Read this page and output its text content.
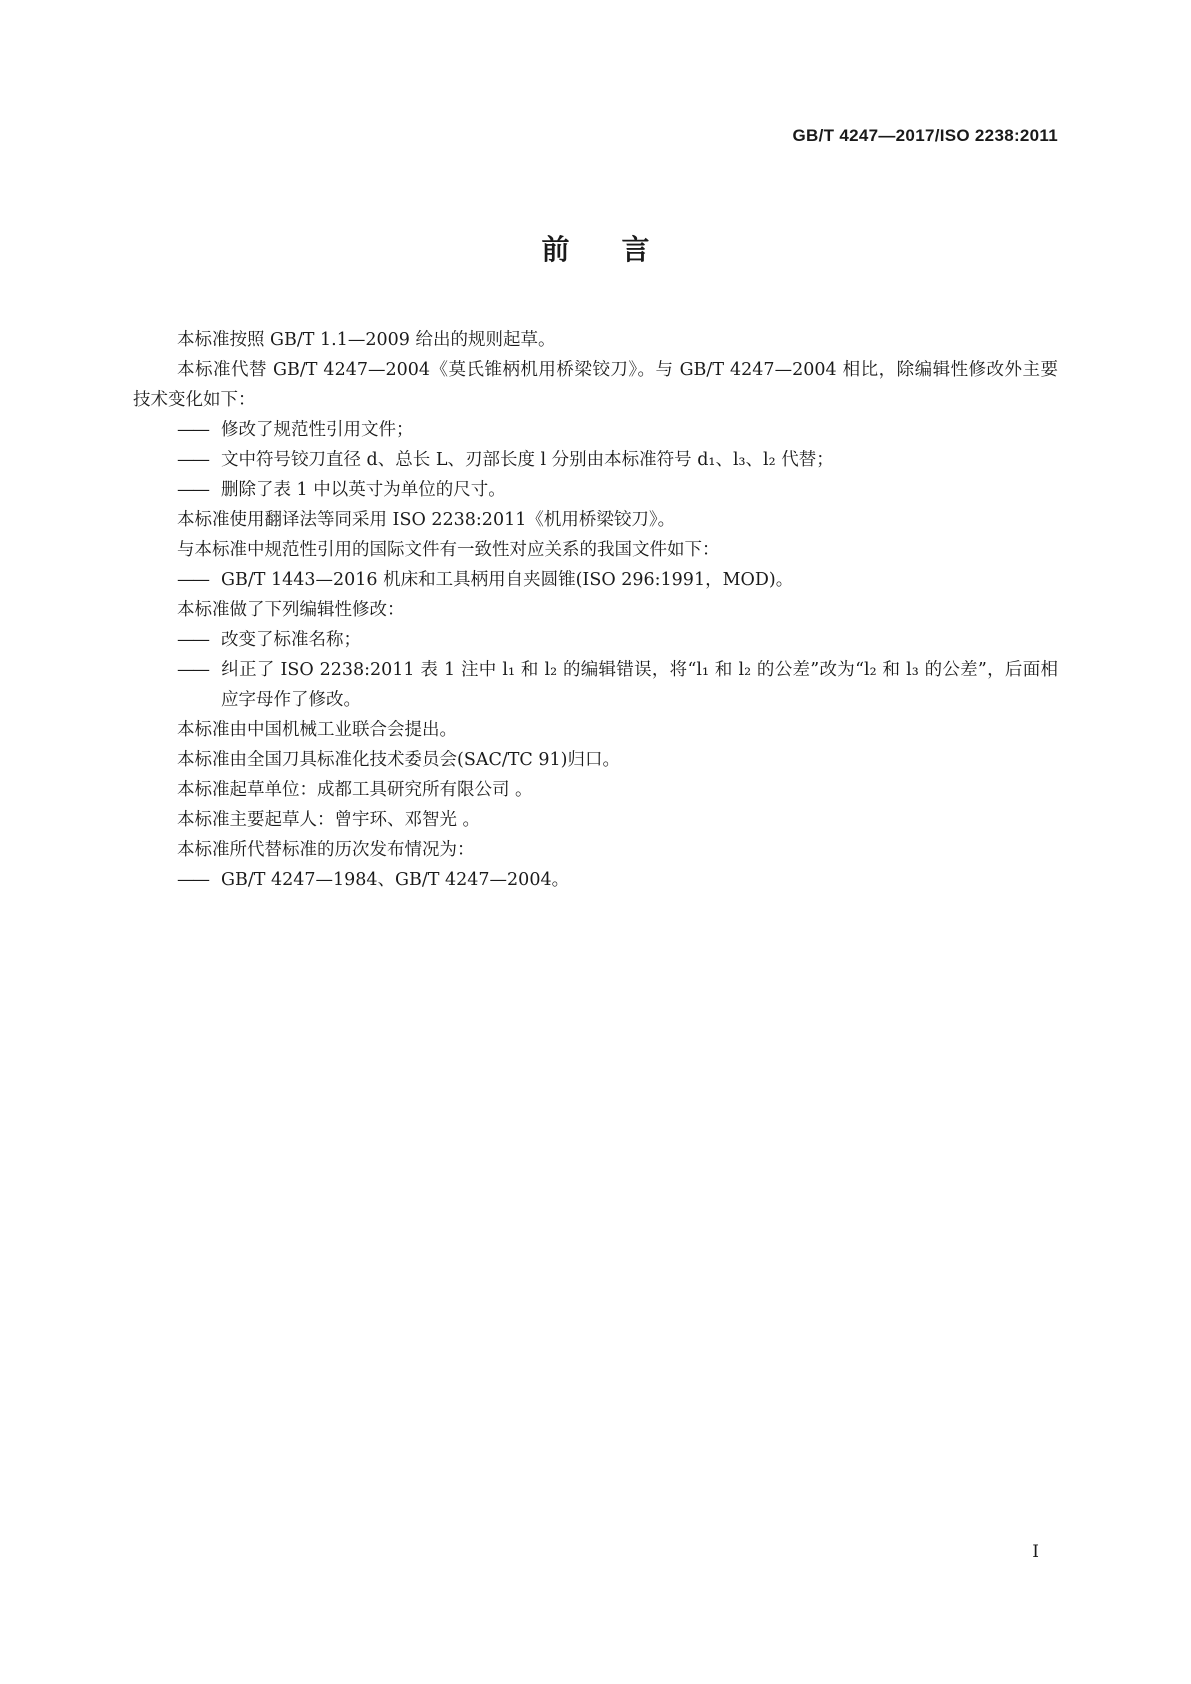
GB/T 4247—2017/ISO 2238:2011
前言

本标准按照 GB/T 1.1—2009 给出的规则起草。

本标准代替 GB/T 4247—2004《莫氏锥柄机用桥梁铰刀》。与 GB/T 4247—2004 相比，除编辑性修改外主要技术变化如下：

—— 修改了规范性引用文件；

—— 文中符号铰刀直径 d、总长 L、刃部长度 l 分别由本标准符号 d₁、l₃、l₂ 代替；

—— 删除了表 1 中以英寸为单位的尺寸。

本标准使用翻译法等同采用 ISO 2238:2011《机用桥梁铰刀》。

与本标准中规范性引用的国际文件有一致性对应关系的我国文件如下：

—— GB/T 1443—2016 机床和工具柄用自夹圆锥(ISO 296:1991，MOD)。

本标准做了下列编辑性修改：

—— 改变了标准名称；

—— 纠正了 ISO 2238:2011 表 1 注中 l₁ 和 l₂ 的编辑错误，将“l₁ 和 l₂ 的公差”改为“l₂ 和 l₃ 的公差”，后面相应字母作了修改。

本标准由中国机械工业联合会提出。

本标准由全国刀具标准化技术委员会(SAC/TC 91)归口。

本标准起草单位：成都工具研究所有限公司 。

本标准主要起草人：曾宇环、邓智光 。

本标准所代替标准的历次发布情况为：

—— GB/T 4247—1984、GB/T 4247—2004。

I
